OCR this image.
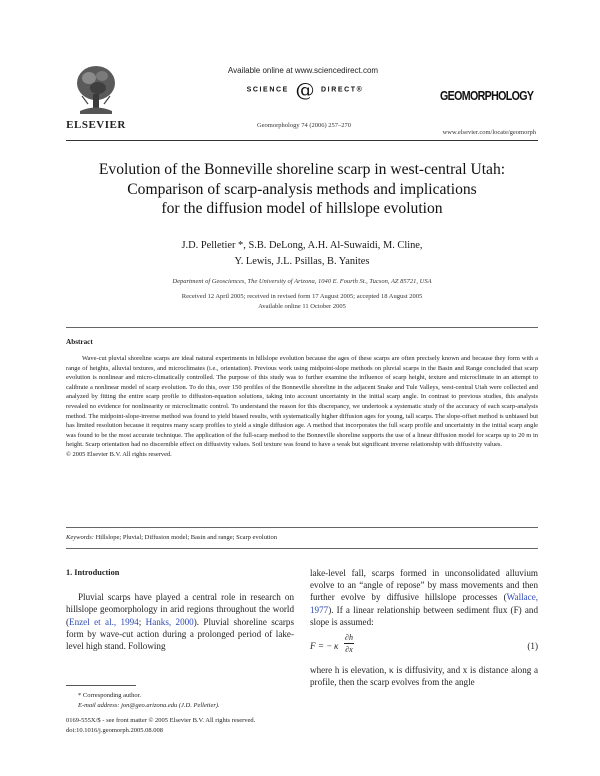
ELSEVIER
Available online at www.sciencedirect.com
SCIENCE @ DIRECT®	GEOMORPHOLOGY
Geomorphology 74 (2006) 257–270
www.elsevier.com/locate/geomorph
Evolution of the Bonneville shoreline scarp in west-central Utah:
Comparison of scarp-analysis methods and implications
for the diffusion model of hillslope evolution
J.D. Pelletier *, S.B. DeLong, A.H. Al-Suwaidi, M. Cline,
Y. Lewis, J.L. Psillas, B. Yanites
Department of Geosciences, The University of Arizona, 1040 E. Fourth St., Tucson, AZ 85721, USA
Received 12 April 2005; received in revised form 17 August 2005; accepted 18 August 2005
Available online 11 October 2005
Abstract

Wave-cut pluvial shoreline scarps are ideal natural experiments in hillslope evolution because the ages of these scarps are often precisely known and because they form with a range of heights, alluvial textures, and microclimates (i.e., orientation). Previous work using midpoint-slope methods on pluvial scarps in the Basin and Range concluded that scarp evolution is nonlinear and micro-climatically controlled. The purpose of this study was to further examine the influence of scarp height, texture and microclimate in an attempt to calibrate a nonlinear model of scarp evolution. To do this, over 150 profiles of the Bonneville shoreline in the adjacent Snake and Tule Valleys, west-central Utah were collected and analyzed by fitting the entire scarp profile to diffusion-equation solutions, taking into account uncertainty in the initial scarp angle. In contrast to previous studies, this analysis revealed no evidence for nonlinearity or microclimatic control. To understand the reason for this discrepancy, we undertook a systematic study of the accuracy of each scarp-analysis method. The midpoint-slope-inverse method was found to yield biased results, with systematically higher diffusion ages for young, tall scarps. The slope-offset method is unbiased but has limited resolution because it requires many scarp profiles to yield a single diffusion age. A method that incorporates the full scarp profile and uncertainty in the initial scarp angle was found to be the most accurate technique. The application of the full-scarp method to the Bonneville shoreline supports the use of a linear diffusion model for scarps up to 20 m in height. Scarp orientation had no discernible effect on diffusivity values. Soil texture was found to have a weak but significant inverse relationship with diffusivity values.

© 2005 Elsevier B.V. All rights reserved.

Keywords: Hillslope; Pluvial; Diffusion model; Basin and range; Scarp evolution
1. Introduction

Pluvial scarps have played a central role in research on hillslope geomorphology in arid regions throughout the world (Enzel et al., 1994; Hanks, 2000). Pluvial shoreline scarps form by wave-cut action during a prolonged period of lake-level high stand. Following

lake-level fall, scarps formed in unconsolidated alluvium evolve to an “angle of repose” by mass movements and then further evolve by diffusive hillslope processes (Wallace, 1977). If a linear relationship between sediment flux (F) and slope is assumed:

F = − κ $\frac{\partial h}{\partial x}$	(1)

where h is elevation, κ is diffusivity, and x is distance along a profile, then the scarp evolves from the angle

* Corresponding author.
E-mail address: jon@geo.arizona.edu (J.D. Pelletier).
0169-555X/$ - see front matter © 2005 Elsevier B.V. All rights reserved.
doi:10.1016/j.geomorph.2005.08.008
